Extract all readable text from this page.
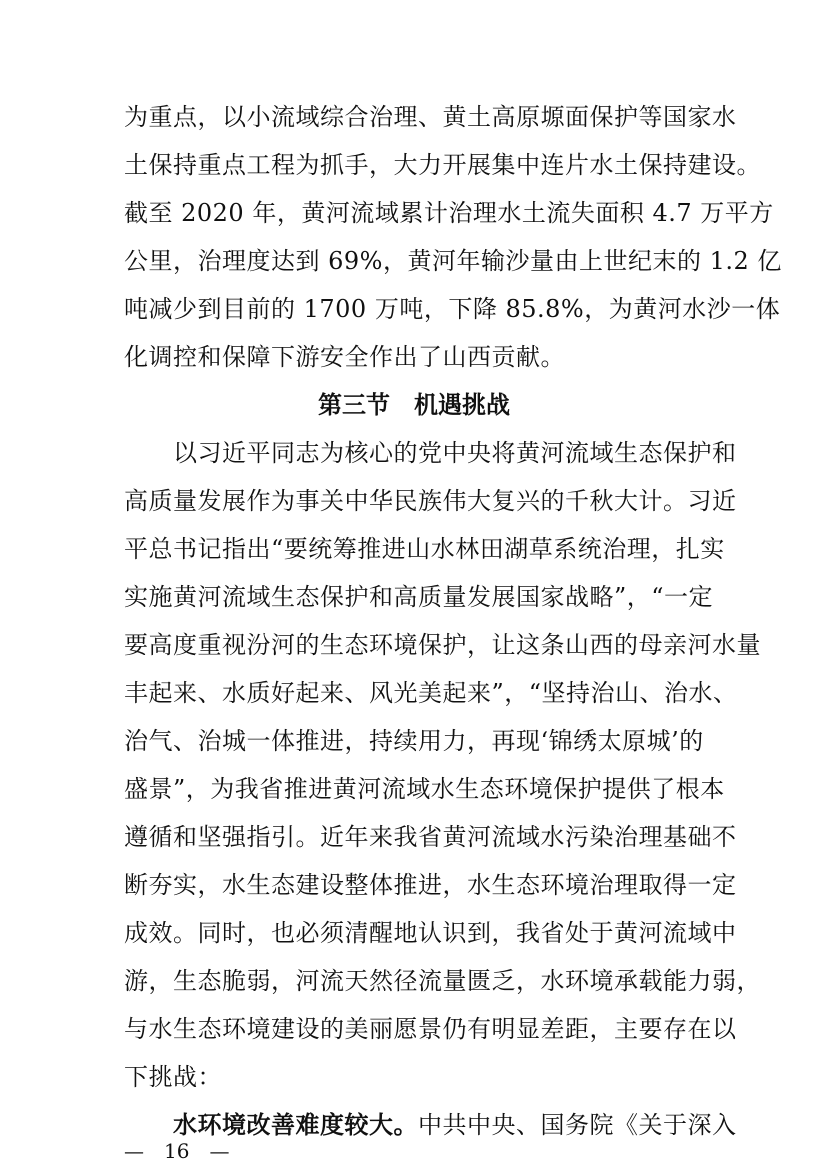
为重点，以小流域综合治理、黄土高原塬面保护等国家水
土保持重点工程为抓手，大力开展集中连片水土保持建设。
截至 2020 年，黄河流域累计治理水土流失面积 4.7 万平方
公里，治理度达到 69%，黄河年输沙量由上世纪末的 1.2 亿
吨减少到目前的 1700 万吨，下降 85.8%，为黄河水沙一体
化调控和保障下游安全作出了山西贡献。
第三节　机遇挑战
　　以习近平同志为核心的党中央将黄河流域生态保护和
高质量发展作为事关中华民族伟大复兴的千秋大计。习近
平总书记指出“要统筹推进山水林田湖草系统治理，扎实
实施黄河流域生态保护和高质量发展国家战略”，“一定
要高度重视汾河的生态环境保护，让这条山西的母亲河水量
丰起来、水质好起来、风光美起来”，“坚持治山、治水、
治气、治城一体推进，持续用力，再现‘锦绣太原城’的
盛景”，为我省推进黄河流域水生态环境保护提供了根本
遵循和坚强指引。近年来我省黄河流域水污染治理基础不
断夯实，水生态建设整体推进，水生态环境治理取得一定
成效。同时，也必须清醒地认识到，我省处于黄河流域中
游，生态脆弱，河流天然径流量匮乏，水环境承载能力弱，
与水生态环境建设的美丽愿景仍有明显差距，主要存在以
下挑战：
　　水环境改善难度较大。中共中央、国务院《关于深入
—　16　—
